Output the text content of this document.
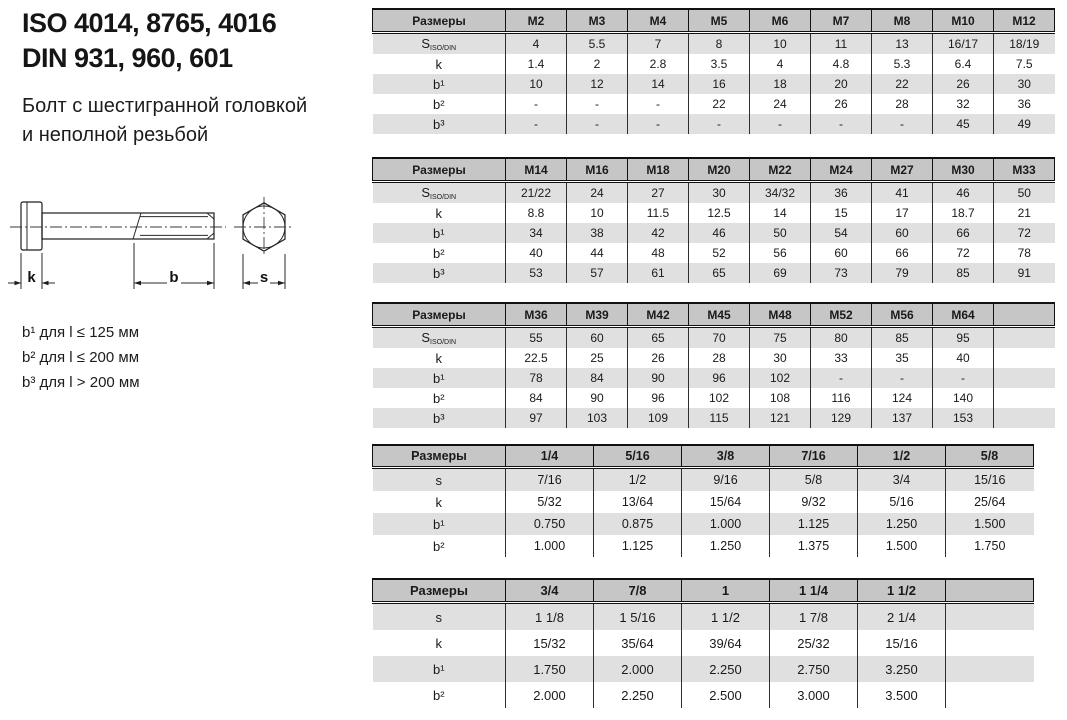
ISO 4014, 8765, 4016
DIN 931, 960, 601
Болт с шестигранной головкой
и неполной резьбой
k	b	s
b¹ для l ≤ 125 мм
b² для l ≤ 200 мм
b³ для l > 200 мм
Размеры	M2	M3	M4	M5	M6	M7	M8	M10	M12
$S_{ISO/DIN}$	4	5.5	7	8	10	11	13	16/17	18/19
k	1.4	2	2.8	3.5	4	4.8	5.3	6.4	7.5
b¹	10	12	14	16	18	20	22	26	30
b²	-	-	-	22	24	26	28	32	36
b³	-	-	-	-	-	-	-	45	49
Размеры	M14	M16	M18	M20	M22	M24	M27	M30	M33
$S_{ISO/DIN}$	21/22	24	27	30	34/32	36	41	46	50
k	8.8	10	11.5	12.5	14	15	17	18.7	21
b¹	34	38	42	46	50	54	60	66	72
b²	40	44	48	52	56	60	66	72	78
b³	53	57	61	65	69	73	79	85	91
Размеры	M36	M39	M42	M45	M48	M52	M56	M64	
$S_{ISO/DIN}$	55	60	65	70	75	80	85	95	
k	22.5	25	26	28	30	33	35	40	
b¹	78	84	90	96	102	-	-	-	
b²	84	90	96	102	108	116	124	140	
b³	97	103	109	115	121	129	137	153	
Размеры	1/4	5/16	3/8	7/16	1/2	5/8
s	7/16	1/2	9/16	5/8	3/4	15/16
k	5/32	13/64	15/64	9/32	5/16	25/64
b¹	0.750	0.875	1.000	1.125	1.250	1.500
b²	1.000	1.125	1.250	1.375	1.500	1.750
Размеры	3/4	7/8	1	1 1/4	1 1/2	
s	1 1/8	1 5/16	1 1/2	1 7/8	2 1/4	
k	15/32	35/64	39/64	25/32	15/16	
b¹	1.750	2.000	2.250	2.750	3.250	
b²	2.000	2.250	2.500	3.000	3.500	
